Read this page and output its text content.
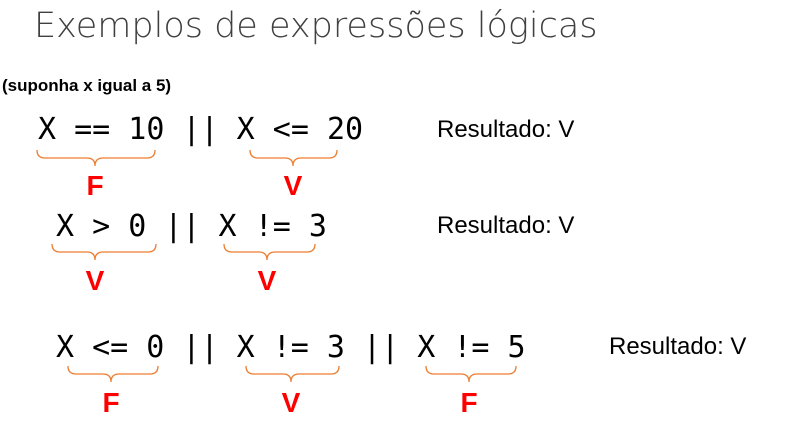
Exemplos de expressões lógicas
(suponha x igual a 5)
X == 10 || X <= 20	Resultado: V
X > 0 || X != 3	Resultado: V
X <= 0 || X != 3 || X != 5	Resultado: V
F	V
V	V
F	V	F
